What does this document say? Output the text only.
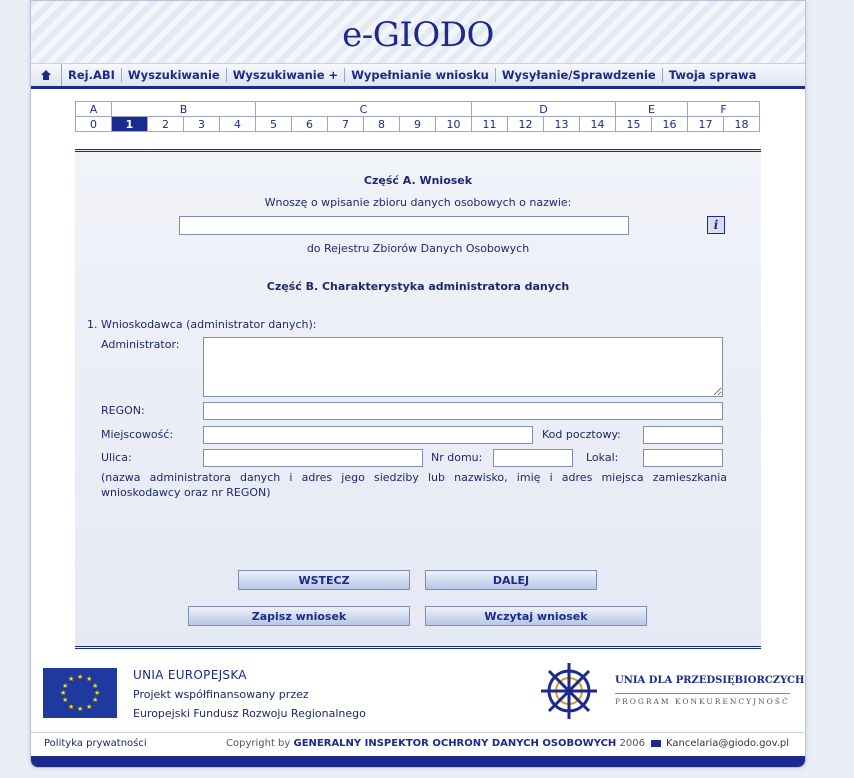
e-GIODO
Rej.ABI	Wyszukiwanie	Wyszukiwanie +	Wypełnianie wniosku	Wysyłanie/Sprawdzenie	Twoja sprawa
A	B				C						D				E		F	
0	1	2	3	4	5	6	7	8	9	10	11	12	13	14	15	16	17	18
Część A. Wniosek
Wnoszę o wpisanie zbioru danych osobowych o nazwie:
i
do Rejestru Zbiorów Danych Osobowych
Część B. Charakterystyka administratora danych
1. Wnioskodawca (administrator danych):
Administrator:
REGON:
Miejscowość:	Kod pocztowy:
Ulica:	Nr domu:	Lokal:
(nazwa administratora danych i adres jego siedziby lub nazwisko, imię i adres miejsca zamieszkania wnioskodawcy oraz nr REGON)
WSTECZ	DALEJ
Zapisz wniosek	Wczytaj wniosek
★ ★
★
★
★
★
★
★
★
★
★
★	UNIA EUROPEJSKA
Projekt współfinansowany przez
Europejski Fundusz Rozwoju Regionalnego
UNIA DLA PRZEDSIĘBIORCZYCH
PROGRAM KONKURENCYJNOŚĆ
Polityka prywatności	Copyright by GENERALNY INSPEKTOR OCHRONY DANYCH OSOBOWYCH 2006	Kancelaria@giodo.gov.pl
